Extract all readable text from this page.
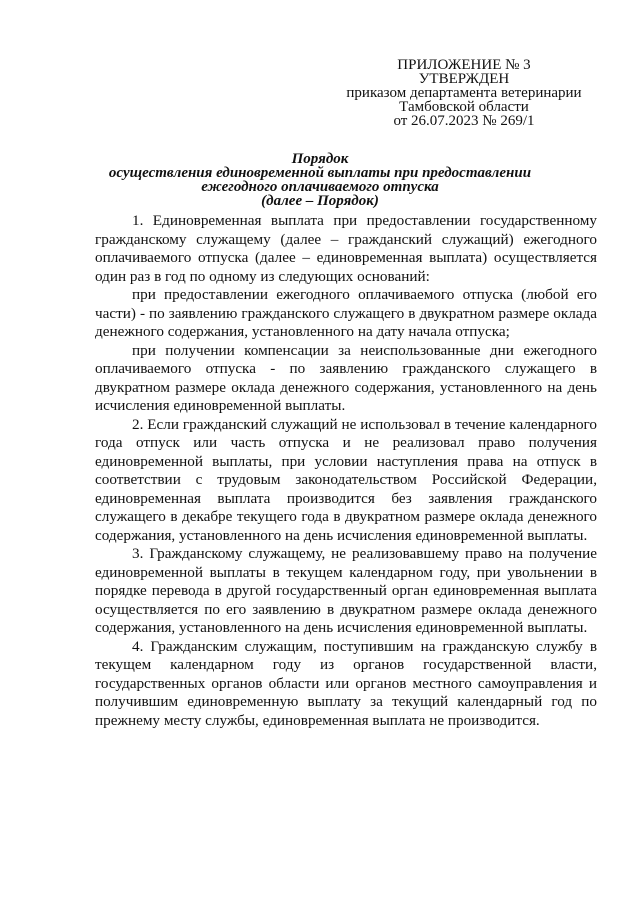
ПРИЛОЖЕНИЕ № 3
УТВЕРЖДЕН
приказом департамента ветеринарии
Тамбовской области
от 26.07.2023 № 269/1
Порядок
осуществления единовременной выплаты при предоставлении
ежегодного оплачиваемого отпуска
(далее – Порядок)

1. Единовременная выплата при предоставлении государственному гражданскому служащему (далее – гражданский служащий) ежегодного оплачиваемого отпуска (далее – единовременная выплата) осуществляется один раз в год по одному из следующих оснований:

при предоставлении ежегодного оплачиваемого отпуска (любой его части) - по заявлению гражданского служащего в двукратном размере оклада денежного содержания, установленного на дату начала отпуска;

при получении компенсации за неиспользованные дни ежегодного оплачиваемого отпуска - по заявлению гражданского служащего в двукратном размере оклада денежного содержания, установленного на день исчисления единовременной выплаты.

2. Если гражданский служащий не использовал в течение календарного года отпуск или часть отпуска и не реализовал право получения единовременной выплаты, при условии наступления права на отпуск в соответствии с трудовым законодательством Российской Федерации, единовременная выплата производится без заявления гражданского служащего в декабре текущего года в двукратном размере оклада денежного содержания, установленного на день исчисления единовременной выплаты.

3. Гражданскому служащему, не реализовавшему право на получение единовременной выплаты в текущем календарном году, при увольнении в порядке перевода в другой государственный орган единовременная выплата осуществляется по его заявлению в двукратном размере оклада денежного содержания, установленного на день исчисления единовременной выплаты.

4. Гражданским служащим, поступившим на гражданскую службу в текущем календарном году из органов государственной власти, государственных органов области или органов местного самоуправления и получившим единовременную выплату за текущий календарный год по прежнему месту службы, единовременная выплата не производится.
